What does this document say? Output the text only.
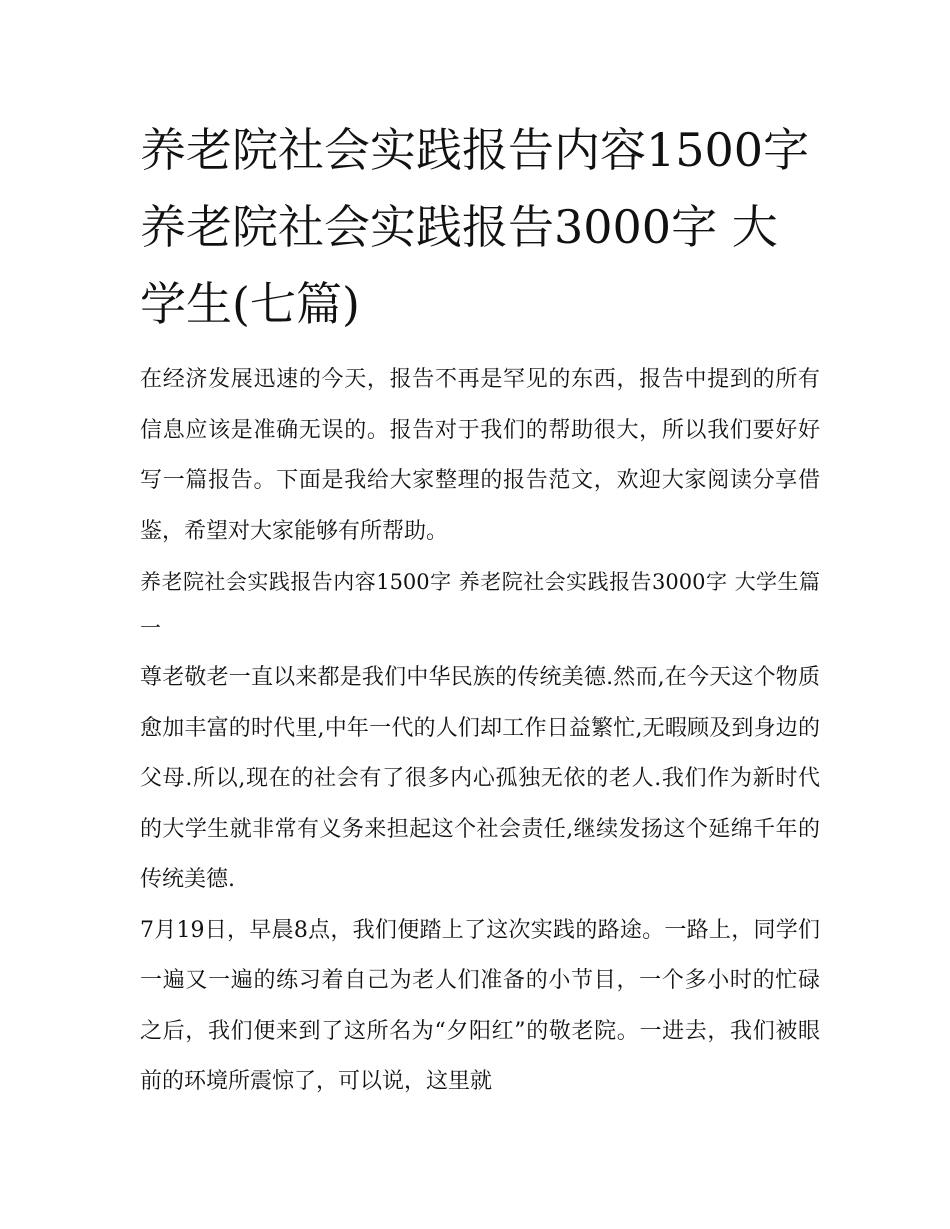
养老院社会实践报告内容1500字 养老院社会实践报告3000字 大学生(七篇)

在经济发展迅速的今天，报告不再是罕见的东西，报告中提到的所有信息应该是准确无误的。报告对于我们的帮助很大，所以我们要好好写一篇报告。下面是我给大家整理的报告范文，欢迎大家阅读分享借鉴，希望对大家能够有所帮助。

养老院社会实践报告内容1500字 养老院社会实践报告3000字 大学生篇一

尊老敬老一直以来都是我们中华民族的传统美德.然而,在今天这个物质愈加丰富的时代里,中年一代的人们却工作日益繁忙,无暇顾及到身边的父母.所以,现在的社会有了很多内心孤独无依的老人.我们作为新时代的大学生就非常有义务来担起这个社会责任,继续发扬这个延绵千年的传统美德.

7月19日，早晨8点，我们便踏上了这次实践的路途。一路上，同学们一遍又一遍的练习着自己为老人们准备的小节目，一个多小时的忙碌之后，我们便来到了这所名为“夕阳红”的敬老院。一进去，我们被眼前的环境所震惊了，可以说，这里就
